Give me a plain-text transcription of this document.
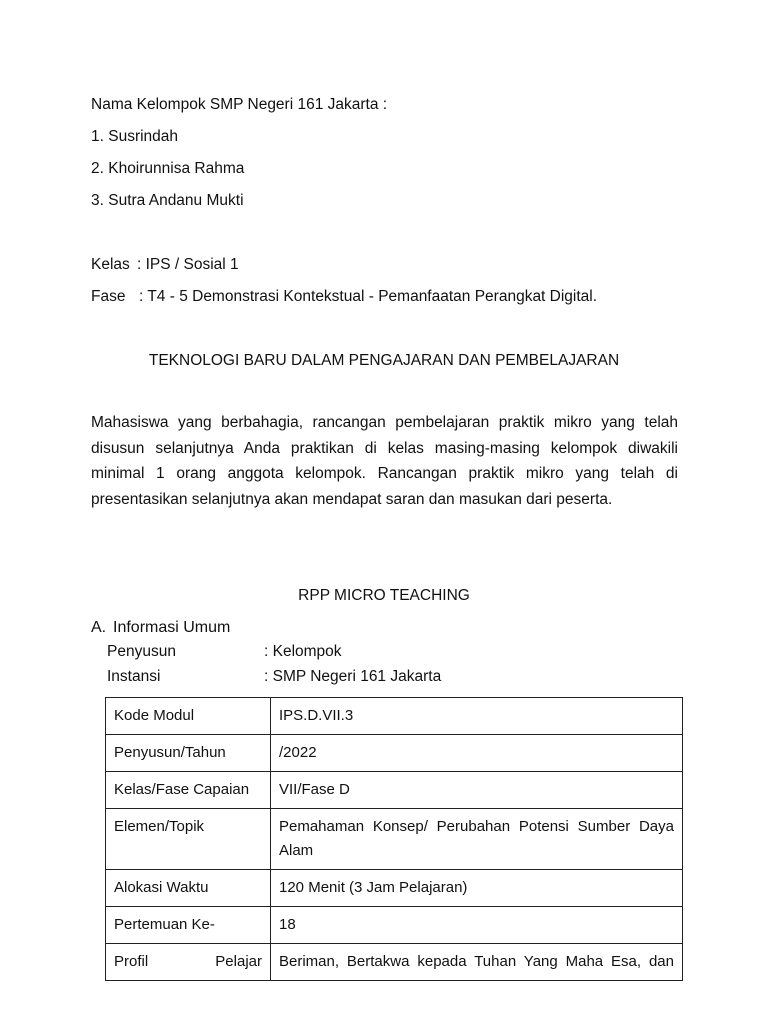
Nama Kelompok SMP Negeri 161 Jakarta :
1. Susrindah
2. Khoirunnisa Rahma
3. Sutra Andanu Mukti
Kelas : IPS / Sosial 1
Fase : T4 - 5 Demonstrasi Kontekstual - Pemanfaatan Perangkat Digital.
TEKNOLOGI BARU DALAM PENGAJARAN DAN PEMBELAJARAN
Mahasiswa yang berbahagia, rancangan pembelajaran praktik mikro yang telah disusun selanjutnya Anda praktikan di kelas masing-masing kelompok diwakili minimal 1 orang anggota kelompok. Rancangan praktik mikro yang telah di presentasikan selanjutnya akan mendapat saran dan masukan dari peserta.
RPP MICRO TEACHING
A. Informasi Umum
Penyusun	: Kelompok
Instansi	: SMP Negeri 161 Jakarta
Kode Modul	IPS.D.VII.3
Penyusun/Tahun	/2022
Kelas/Fase Capaian	VII/Fase D
Elemen/Topik	Pemahaman Konsep/ Perubahan Potensi Sumber Daya Alam
Alokasi Waktu	120 Menit (3 Jam Pelajaran)
Pertemuan Ke-	18

Profil Pelajar	Beriman, Bertakwa kepada Tuhan Yang Maha Esa, dan
